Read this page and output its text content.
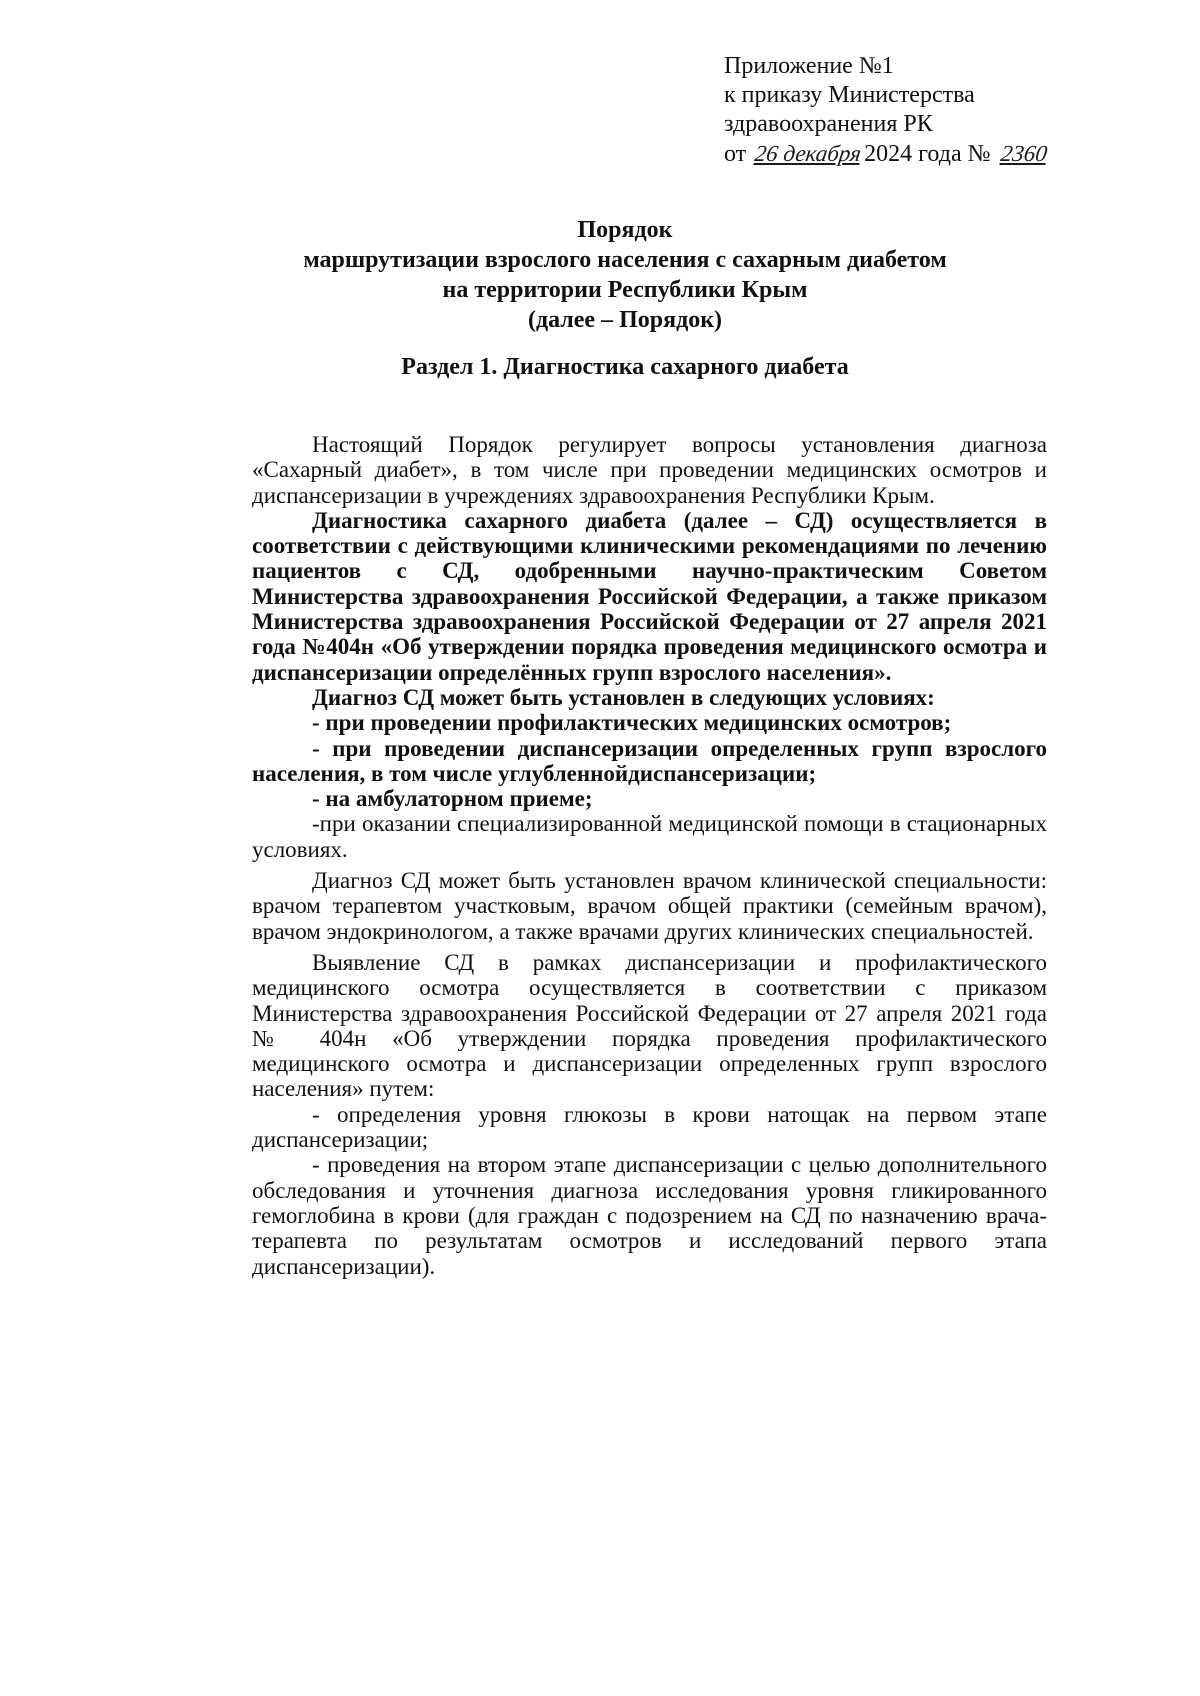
Приложение №1
к приказу Министерства
здравоохранения РК
от 26 декабря2024 года № 2360
Порядок
маршрутизации взрослого населения с сахарным диабетом
на территории Республики Крым
(далее – Порядок)
Раздел 1. Диагностика сахарного диабета

Настоящий Порядок регулирует вопросы установления диагноза «Сахарный диабет», в том числе при проведении медицинских осмотров и диспансеризации в учреждениях здравоохранения Республики Крым.

Диагностика сахарного диабета (далее – СД) осуществляется в соответствии с действующими клиническими рекомендациями по лечению пациентов с СД, одобренными научно-практическим Советом Министерства здравоохранения Российской Федерации, а также приказом Министерства здравоохранения Российской Федерации от 27 апреля 2021 года №404н «Об утверждении порядка проведения медицинского осмотра и диспансеризации определённых групп взрослого населения».

Диагноз СД может быть установлен в следующих условиях:

- при проведении профилактических медицинских осмотров;

- при проведении диспансеризации определенных групп взрослого населения, в том числе углубленнойдиспансеризации;

- на амбулаторном приеме;

-при оказании специализированной медицинской помощи в стационарных условиях.

Диагноз СД может быть установлен врачом клинической специальности: врачом терапевтом участковым, врачом общей практики (семейным врачом), врачом эндокринологом, а также врачами других клинических специальностей.

Выявление СД в рамках диспансеризации и профилактического медицинского осмотра осуществляется в соответствии с приказом Министерства здравоохранения Российской Федерации от 27 апреля 2021 года № 404н «Об утверждении порядка проведения профилактического медицинского осмотра и диспансеризации определенных групп взрослого населения» путем:

- определения уровня глюкозы в крови натощак на первом этапе диспансеризации;

- проведения на втором этапе диспансеризации с целью дополнительного обследования и уточнения диагноза исследования уровня гликированного гемоглобина в крови (для граждан с подозрением на СД по назначению врача-терапевта по результатам осмотров и исследований первого этапа диспансеризации).
